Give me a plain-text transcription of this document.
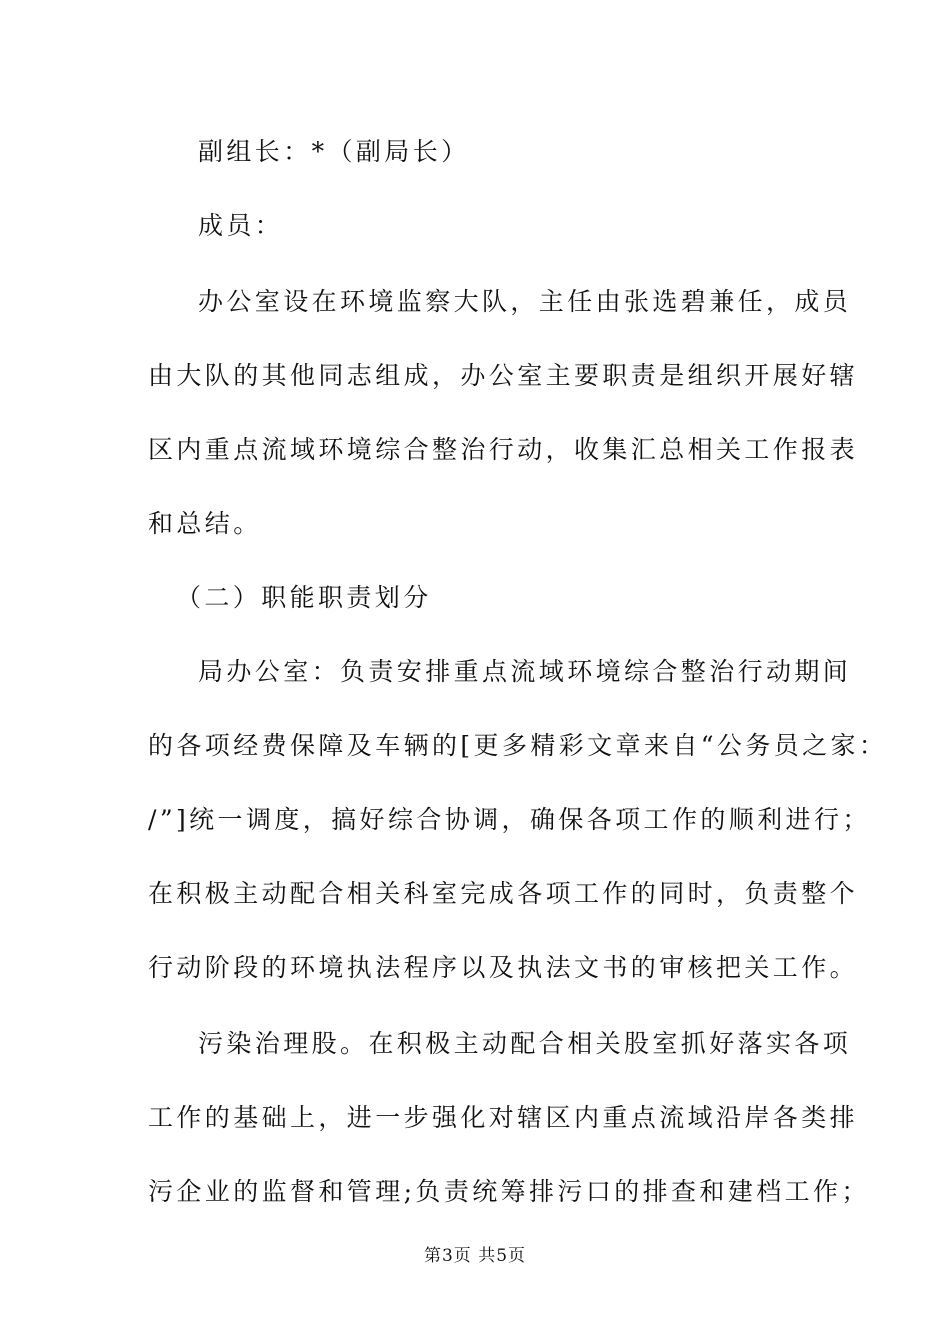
副组长：*（副局长）

成员：

办公室设在环境监察大队，主任由张选碧兼任，成员

由大队的其他同志组成，办公室主要职责是组织开展好辖

区内重点流域环境综合整治行动，收集汇总相关工作报表

和总结。

（二）职能职责划分

局办公室：负责安排重点流域环境综合整治行动期间

的各项经费保障及车辆的[更多精彩文章来自“公务员之家：

/”]统一调度，搞好综合协调，确保各项工作的顺利进行；

在积极主动配合相关科室完成各项工作的同时，负责整个

行动阶段的环境执法程序以及执法文书的审核把关工作。

污染治理股。在积极主动配合相关股室抓好落实各项

工作的基础上，进一步强化对辖区内重点流域沿岸各类排

污企业的监督和管理;负责统筹排污口的排查和建档工作；

第3页 共5页
